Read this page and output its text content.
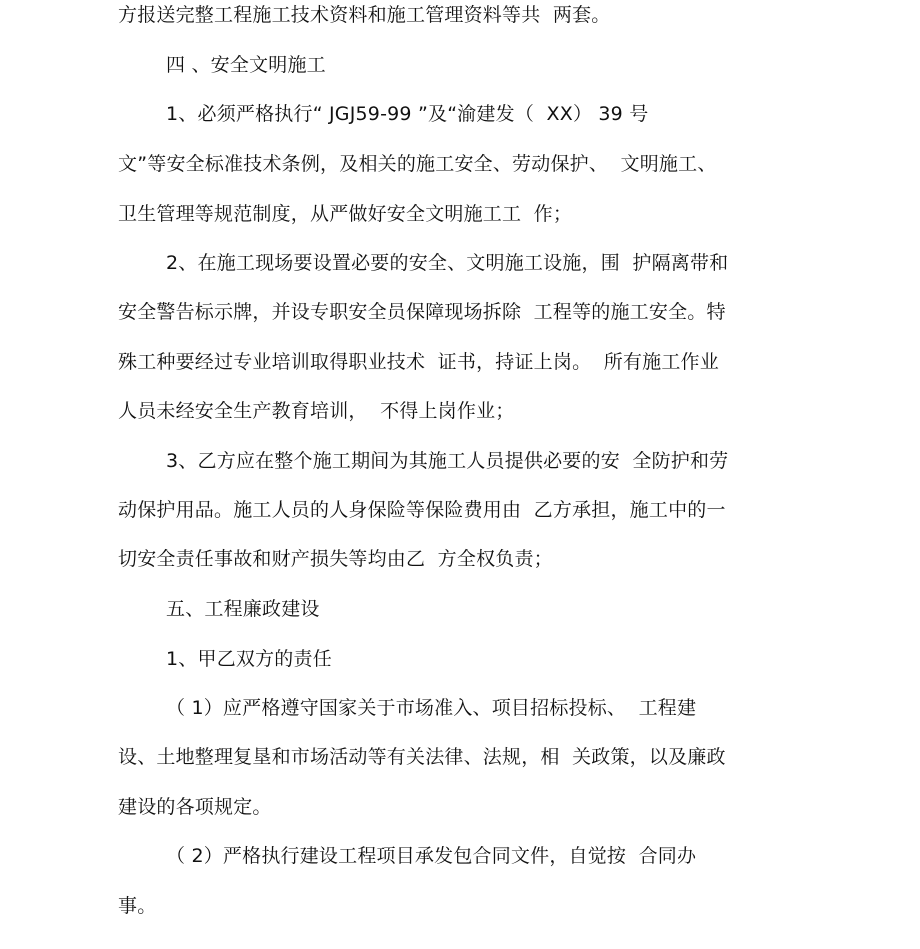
方报送完整工程施工技术资料和施工管理资料等共  两套。
四 、安全文明施工
1、必须严格执行“ JGJ59-99 ”及“渝建发（  XX） 39 号
文”等安全标准技术条例，及相关的施工安全、劳动保护、  文明施工、
卫生管理等规范制度，从严做好安全文明施工工  作；
2、在施工现场要设置必要的安全、文明施工设施，围  护隔离带和
安全警告标示牌，并设专职安全员保障现场拆除  工程等的施工安全。特
殊工种要经过专业培训取得职业技术  证书，持证上岗。  所有施工作业
人员未经安全生产教育培训，  不得上岗作业；
3、乙方应在整个施工期间为其施工人员提供必要的安  全防护和劳
动保护用品。施工人员的人身保险等保险费用由  乙方承担，施工中的一
切安全责任事故和财产损失等均由乙  方全权负责；
五、工程廉政建设
1、甲乙双方的责任
（ 1）应严格遵守国家关于市场准入、项目招标投标、  工程建
设、土地整理复垦和市场活动等有关法律、法规，相  关政策，以及廉政
建设的各项规定。
（ 2）严格执行建设工程项目承发包合同文件，自觉按  合同办
事。
